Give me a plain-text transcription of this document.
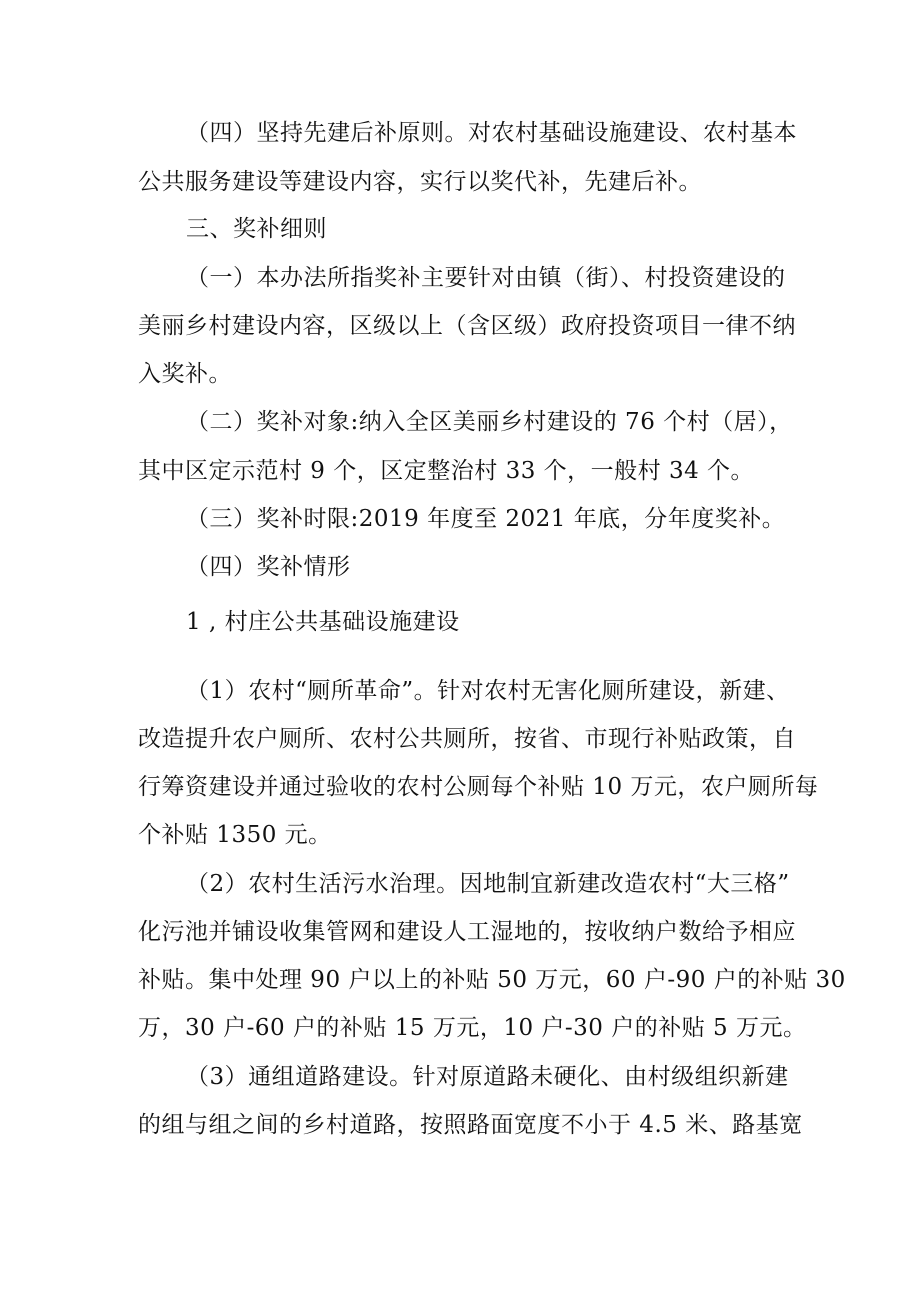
（四）坚持先建后补原则。对农村基础设施建设、农村基本
公共服务建设等建设内容，实行以奖代补，先建后补。
三、奖补细则
（一）本办法所指奖补主要针对由镇（街）、村投资建设的
美丽乡村建设内容，区级以上（含区级）政府投资项目一律不纳
入奖补。
（二）奖补对象:纳入全区美丽乡村建设的 76 个村（居），
其中区定示范村 9 个，区定整治村 33 个，一般村 34 个。
（三）奖补时限:2019 年度至 2021 年底，分年度奖补。
（四）奖补情形
1 , 村庄公共基础设施建设
（1）农村“厕所革命”。针对农村无害化厕所建设，新建、
改造提升农户厕所、农村公共厕所，按省、市现行补贴政策，自
行筹资建设并通过验收的农村公厕每个补贴 10 万元，农户厕所每
个补贴 1350 元。
（2）农村生活污水治理。因地制宜新建改造农村“大三格”
化污池并铺设收集管网和建设人工湿地的，按收纳户数给予相应
补贴。集中处理 90 户以上的补贴 50 万元，60 户-90 户的补贴 30
万，30 户-60 户的补贴 15 万元，10 户-30 户的补贴 5 万元。
（3）通组道路建设。针对原道路未硬化、由村级组织新建
的组与组之间的乡村道路，按照路面宽度不小于 4.5 米、路基宽
